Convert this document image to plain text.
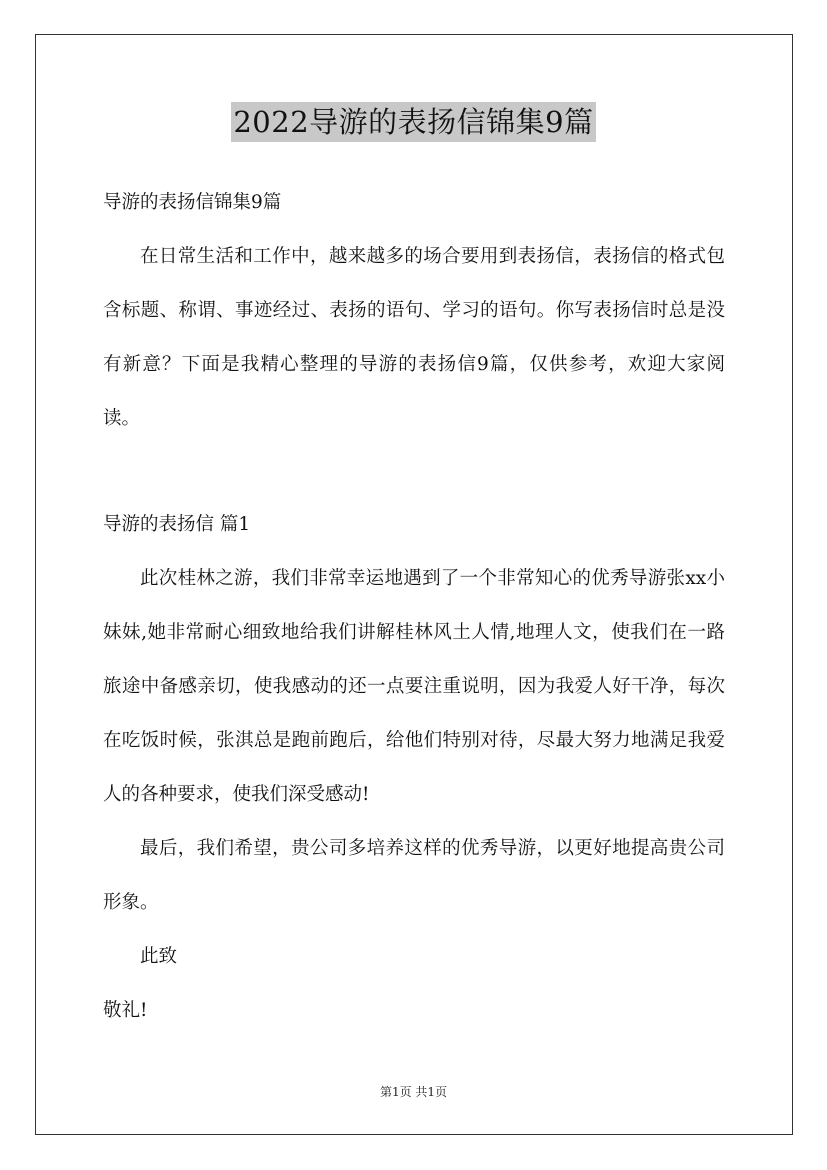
2022导游的表扬信锦集9篇
导游的表扬信锦集9篇

在日常生活和工作中，越来越多的场合要用到表扬信，表扬信的格式包含标题、称谓、事迹经过、表扬的语句、学习的语句。你写表扬信时总是没有新意？下面是我精心整理的导游的表扬信9篇，仅供参考，欢迎大家阅读。

导游的表扬信 篇1

此次桂林之游，我们非常幸运地遇到了一个非常知心的优秀导游张xx小妹妹,她非常耐心细致地给我们讲解桂林风土人情,地理人文，使我们在一路旅途中备感亲切，使我感动的还一点要注重说明，因为我爱人好干净，每次在吃饭时候，张淇总是跑前跑后，给他们特别对待，尽最大努力地满足我爱人的各种要求，使我们深受感动!

最后，我们希望，贵公司多培养这样的优秀导游，以更好地提高贵公司形象。

此致
敬礼!
第1页 共1页
